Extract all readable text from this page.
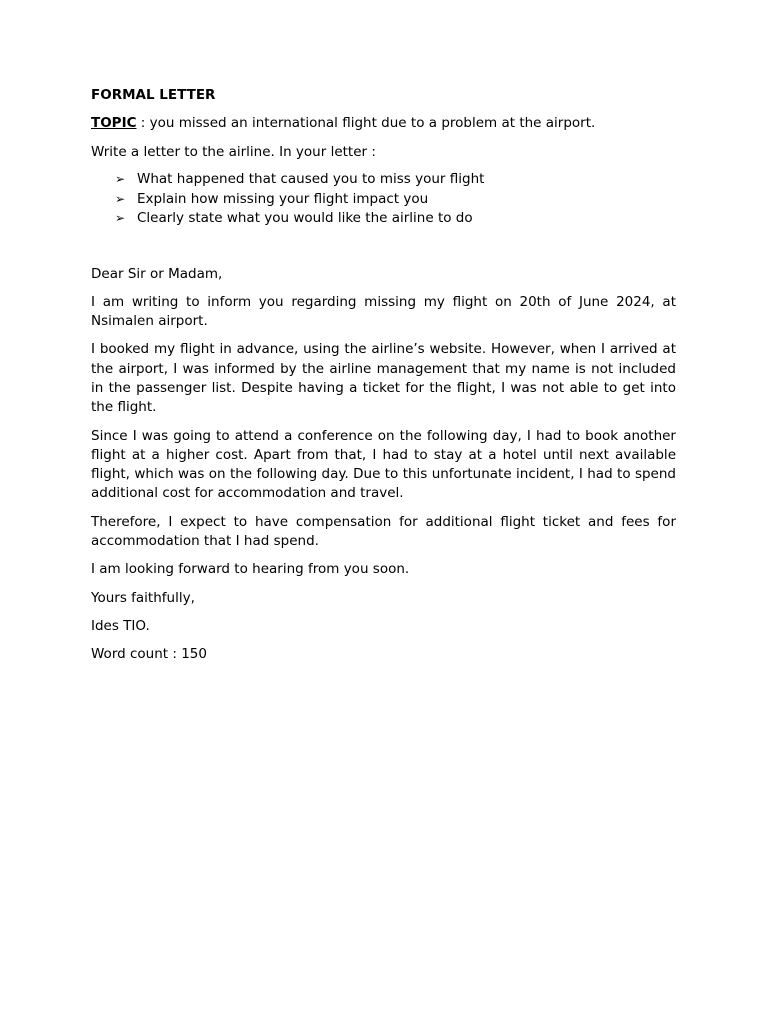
FORMAL LETTER
TOPIC : you missed an international flight due to a problem at the airport.
Write a letter to the airline. In your letter :
➢ What happened that caused you to miss your flight
➢ Explain how missing your flight impact you
➢ Clearly state what you would like the airline to do
Dear Sir or Madam,
I am writing to inform you regarding missing my flight on 20th of June 2024, at Nsimalen airport.
I booked my flight in advance, using the airline’s website. However, when I arrived at the airport, I was informed by the airline management that my name is not included in the passenger list. Despite having a ticket for the flight, I was not able to get into the flight.
Since I was going to attend a conference on the following day, I had to book another flight at a higher cost. Apart from that, I had to stay at a hotel until next available flight, which was on the following day. Due to this unfortunate incident, I had to spend additional cost for accommodation and travel.
Therefore, I expect to have compensation for additional flight ticket and fees for accommodation that I had spend.
I am looking forward to hearing from you soon.
Yours faithfully,
Ides TIO.
Word count : 150
